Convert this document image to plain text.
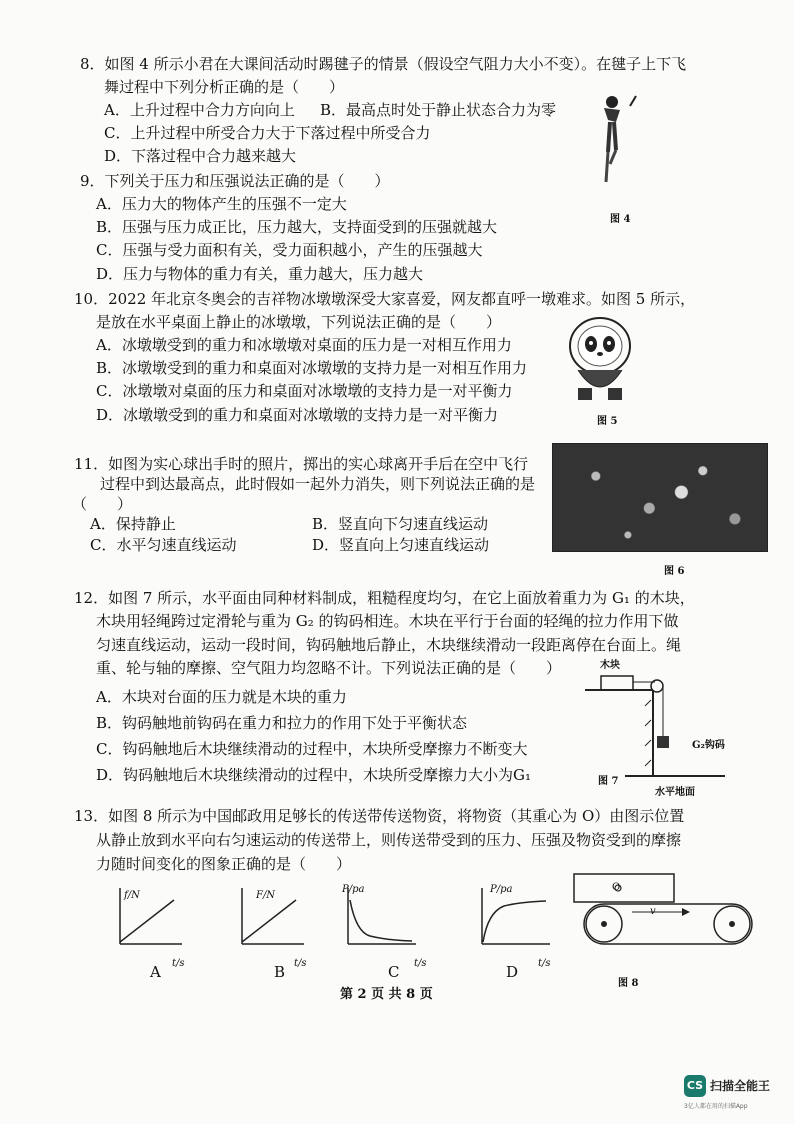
8．如图 4 所示小君在大课间活动时踢毽子的情景（假设空气阻力大小不变）。在毽子上下飞
舞过程中下列分析正确的是（　　）
A．上升过程中合力方向向上 B．最高点时处于静止状态合力为零
C．上升过程中所受合力大于下落过程中所受合力
D．下落过程中合力越来越大
图 4
9．下列关于压力和压强说法正确的是（　　）
A．压力大的物体产生的压强不一定大
B．压强与压力成正比，压力越大，支持面受到的压强就越大
C．压强与受力面积有关，受力面积越小，产生的压强越大
D．压力与物体的重力有关，重力越大，压力越大
10．2022 年北京冬奥会的吉祥物冰墩墩深受大家喜爱，网友都直呼一墩难求。如图 5 所示，
是放在水平桌面上静止的冰墩墩，下列说法正确的是（　　）
A．冰墩墩受到的重力和冰墩墩对桌面的压力是一对相互作用力
B．冰墩墩受到的重力和桌面对冰墩墩的支持力是一对相互作用力
C．冰墩墩对桌面的压力和桌面对冰墩墩的支持力是一对平衡力
D．冰墩墩受到的重力和桌面对冰墩墩的支持力是一对平衡力	图 5
11．如图为实心球出手时的照片，掷出的实心球离开手后在空中飞行
过程中到达最高点，此时假如一起外力消失，则下列说法正确的是
（　　）
A．保持静止	B．竖直向下匀速直线运动
C．水平匀速直线运动	D．竖直向上匀速直线运动
图 6
12．如图 7 所示，水平面由同种材料制成，粗糙程度均匀，在它上面放着重力为 G₁ 的木块，
木块用轻绳跨过定滑轮与重为 G₂ 的钩码相连。木块在平行于台面的轻绳的拉力作用下做
匀速直线运动，运动一段时间，钩码触地后静止，木块继续滑动一段距离停在台面上。绳
重、轮与轴的摩擦、空气阻力均忽略不计。下列说法正确的是（　　）
A．木块对台面的压力就是木块的重力
B．钩码触地前钩码在重力和拉力的作用下处于平衡状态
C．钩码触地后木块继续滑动的过程中，木块所受摩擦力不断变大
D．钩码触地后木块继续滑动的过程中，木块所受摩擦力大小为G₁
木块
G₂钩码
水平地面
图 7
13．如图 8 所示为中国邮政用足够长的传送带传送物资，将物资（其重心为 O）由图示位置
从静止放到水平向右匀速运动的传送带上，则传送带受到的压力、压强及物资受到的摩擦
力随时间变化的图象正确的是（　　）
f/N
t/s
A
F/N
t/s
B
P/pa
t/s
C
P/pa
t/s
D
O
v
图 8
第 2 页 共 8 页
CS 扫描全能王
3亿人都在用的扫描App
